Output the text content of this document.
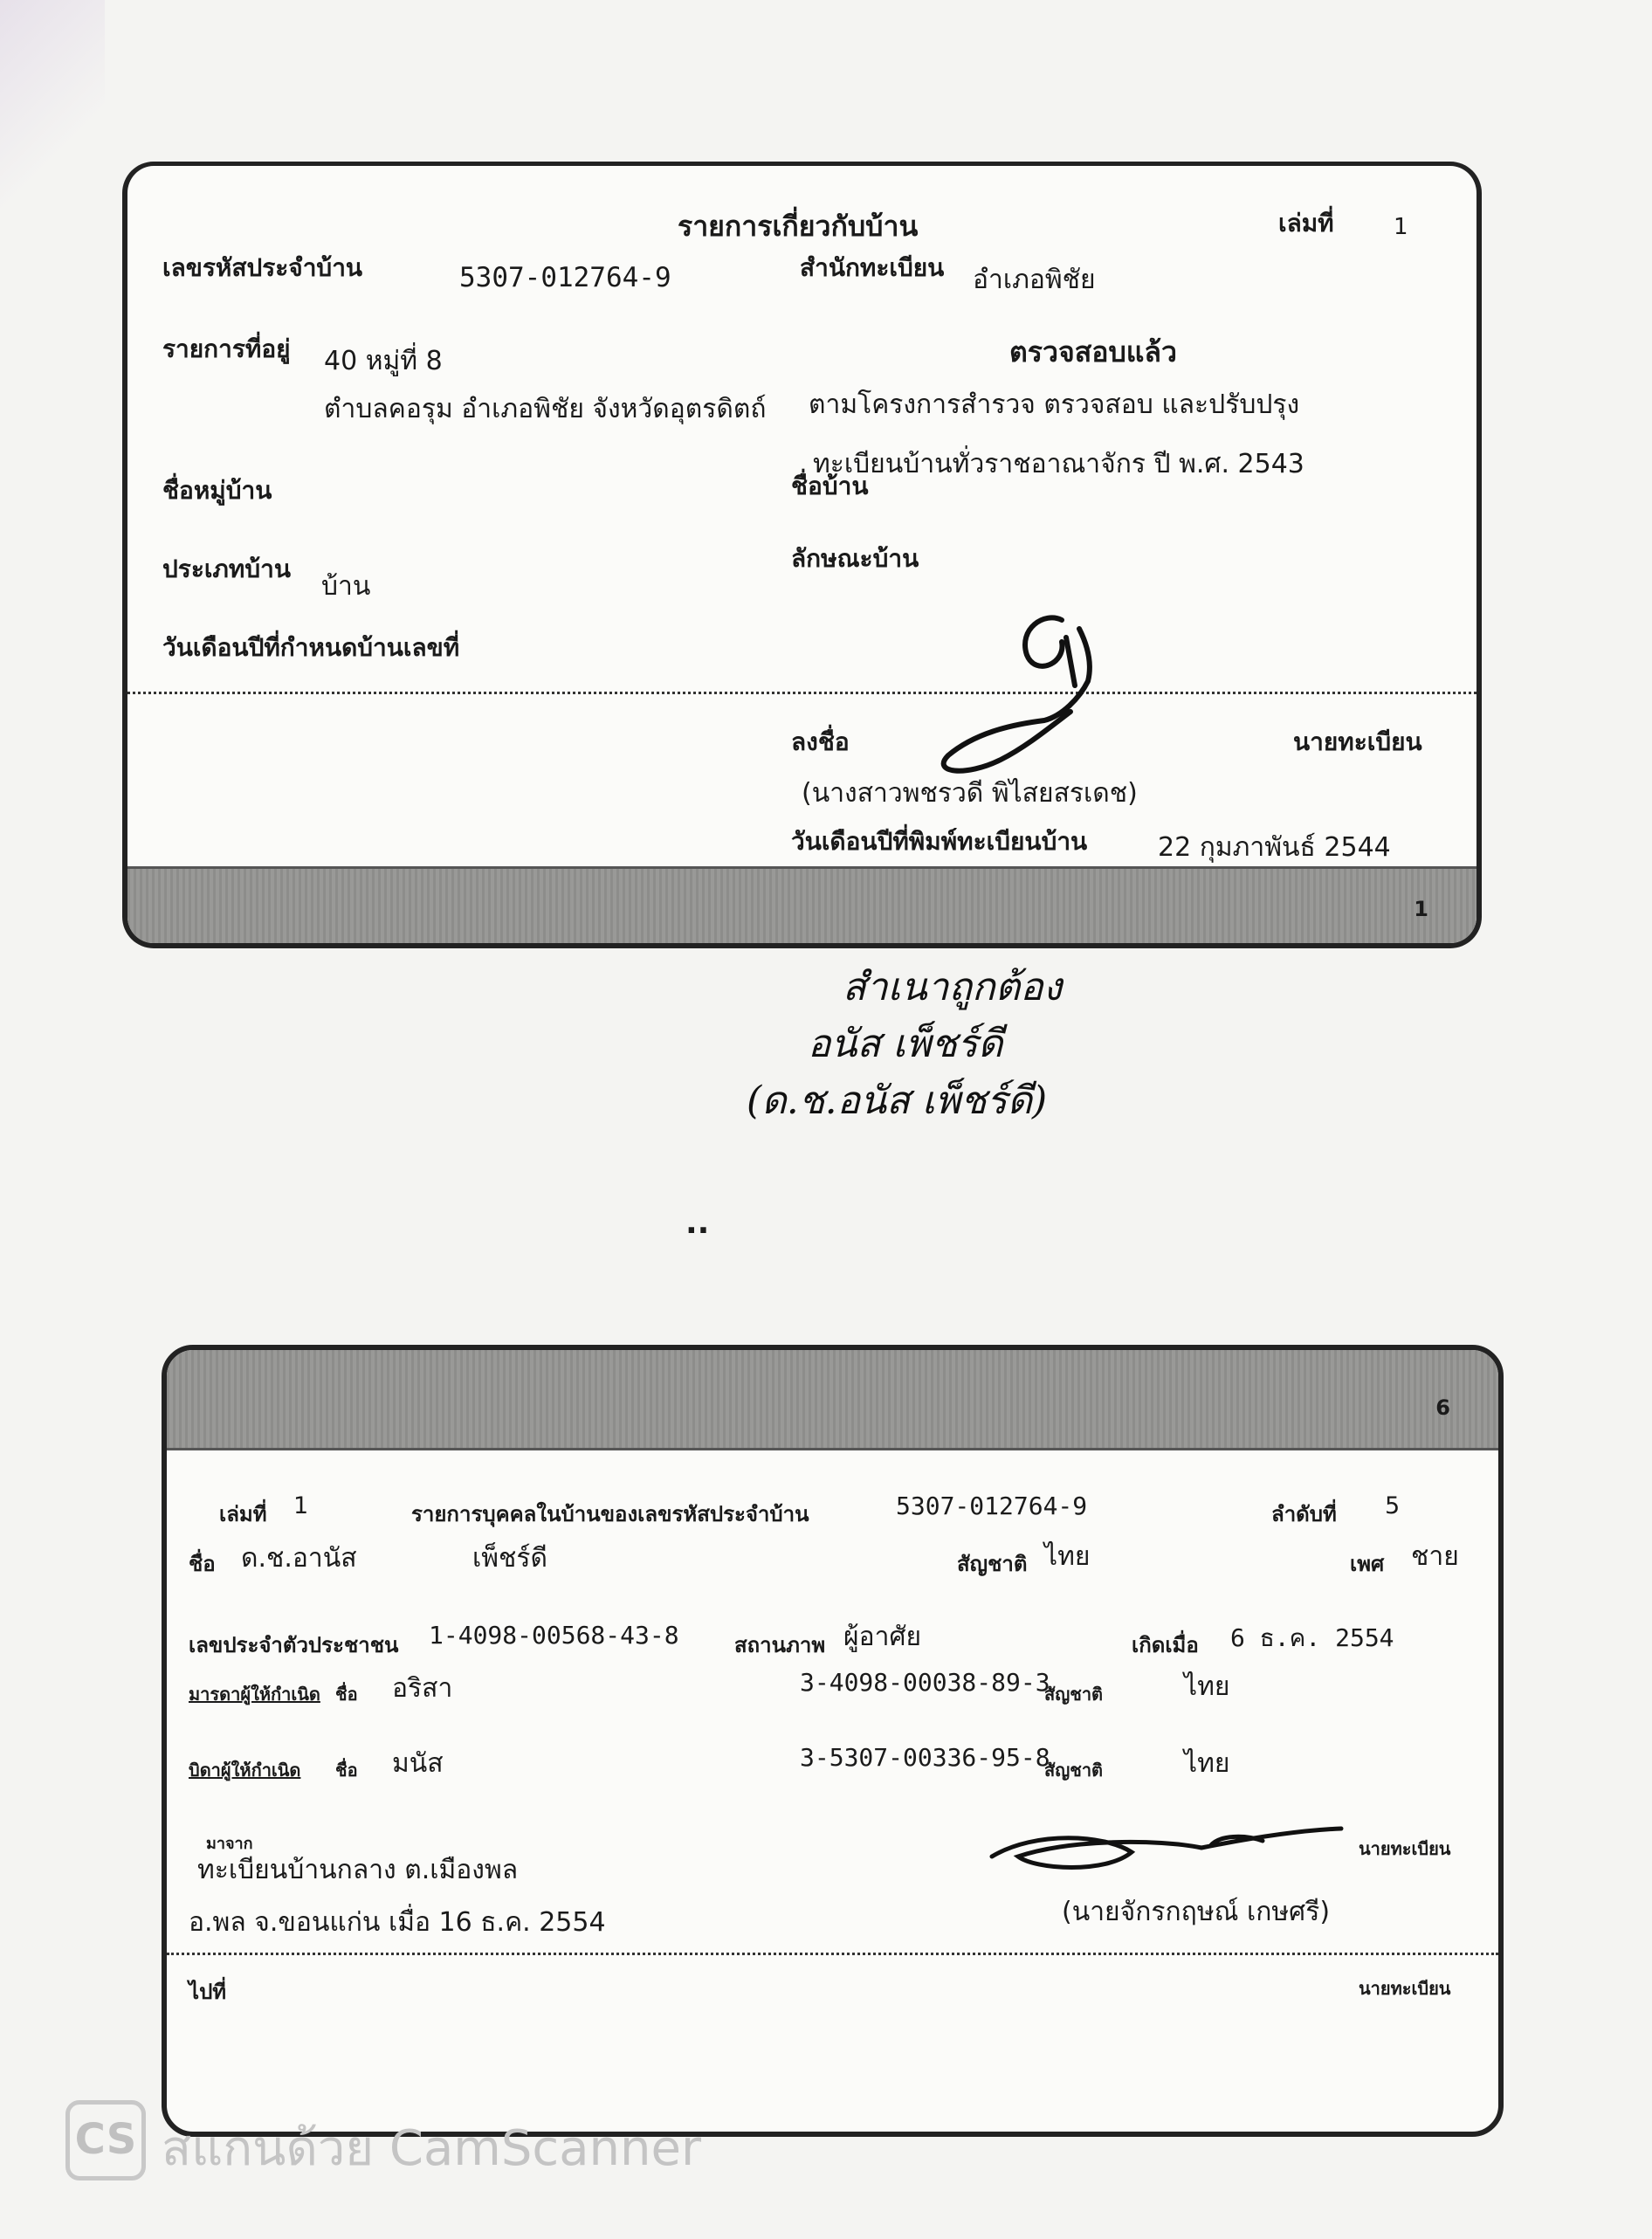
รายการเกี่ยวกับบ้าน	เล่มที่	1
เลขรหัสประจำบ้าน	5307-012764-9	สำนักทะเบียน อำเภอพิชัย
รายการที่อยู่ 40 หมู่ที่ 8
ตำบลคอรุม อำเภอพิชัย จังหวัดอุตรดิตถ์
ตรวจสอบแล้ว
ตามโครงการสำรวจ ตรวจสอบ และปรับปรุง
ทะเบียนบ้านทั่วราชอาณาจักร ปี พ.ศ. 2543
ชื่อหมู่บ้าน	ชื่อบ้าน
ประเภทบ้าน
บ้าน
ลักษณะบ้าน
วันเดือนปีที่กำหนดบ้านเลขที่
ลงชื่อ	นายทะเบียน
(นางสาวพชรวดี พิไสยสรเดช)
วันเดือนปีที่พิมพ์ทะเบียนบ้าน	22 กุมภาพันธ์ 2544
1
สำเนาถูกต้อง
อนัส เพ็ชร์ดี
(ด.ช.อนัส เพ็ชร์ดี)
..
6
เล่มที่ 1	รายการบุคคลในบ้านของเลขรหัสประจำบ้าน	5307-012764-9	ลำดับที่ 5
ชื่อ ด.ช.อานัส	เพ็ชร์ดี	สัญชาติ ไทย	เพศ ชาย
เลขประจำตัวประชาชน 1-4098-00568-43-8	สถานภาพ ผู้อาศัย	เกิดเมื่อ 6 ธ.ค. 2554
มารดาผู้ให้กำเนิด ชื่อ อริสา	3-4098-00038-89-3
สัญชาติ	ไทย
บิดาผู้ให้กำเนิด ชื่อ มนัส	3-5307-00336-95-8
สัญชาติ	ไทย
มาจาก
ทะเบียนบ้านกลาง ต.เมืองพล
อ.พล จ.ขอนแก่น เมื่อ 16 ธ.ค. 2554
นายทะเบียน
(นายจักรกฤษณ์ เกษศรี)
ไปที่	นายทะเบียน
CS สแกนด้วย CamScanner
